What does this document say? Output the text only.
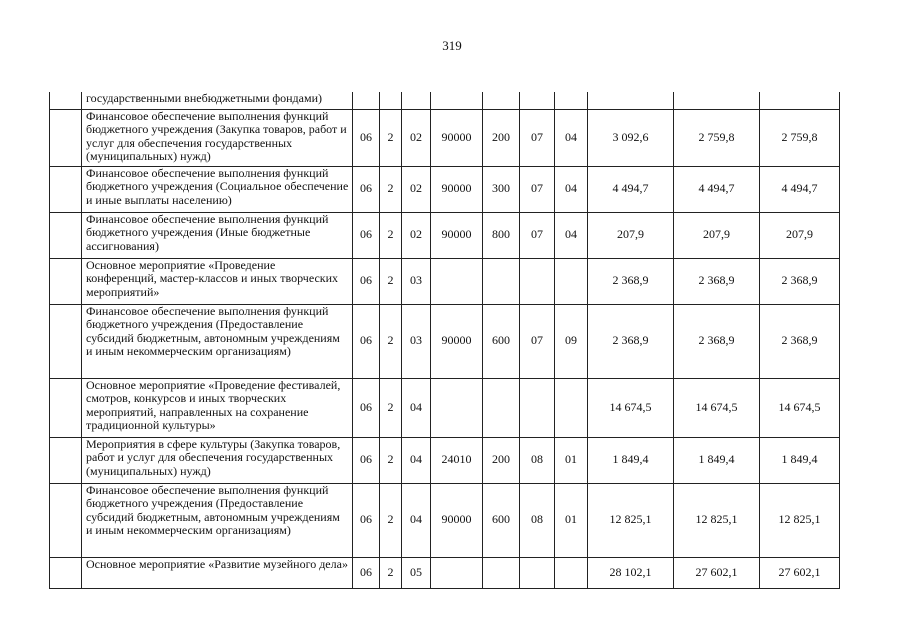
319
	государственными внебюджетными фондами)										
	Финансовое обеспечение выполнения функций бюджетного учреждения (Закупка товаров, работ и услуг для обеспечения государственных (муниципальных) нужд)	06	2	02	90000	200	07	04	3 092,6	2 759,8	2 759,8
	Финансовое обеспечение выполнения функций бюджетного учреждения (Социальное обеспечение и иные выплаты населению)	06	2	02	90000	300	07	04	4 494,7	4 494,7	4 494,7
	Финансовое обеспечение выполнения функций бюджетного учреждения (Иные бюджетные ассигнования)	06	2	02	90000	800	07	04	207,9	207,9	207,9
	Основное мероприятие «Проведение конференций, мастер-классов и иных творческих мероприятий»	06	2	03					2 368,9	2 368,9	2 368,9
	Финансовое обеспечение выполнения функций бюджетного учреждения (Предоставление субсидий бюджетным, автономным учреждениям и иным некоммерческим организациям)	06	2	03	90000	600	07	09	2 368,9	2 368,9	2 368,9
	Основное мероприятие «Проведение фестивалей, смотров, конкурсов и иных творческих мероприятий, направленных на сохранение традиционной культуры»	06	2	04					14 674,5	14 674,5	14 674,5
	Мероприятия в сфере культуры (Закупка товаров, работ и услуг для обеспечения государственных (муниципальных) нужд)	06	2	04	24010	200	08	01	1 849,4	1 849,4	1 849,4
	Финансовое обеспечение выполнения функций бюджетного учреждения (Предоставление субсидий бюджетным, автономным учреждениям и иным некоммерческим организациям)	06	2	04	90000	600	08	01	12 825,1	12 825,1	12 825,1
	Основное мероприятие «Развитие музейного дела»	06	2	05					28 102,1	27 602,1	27 602,1
